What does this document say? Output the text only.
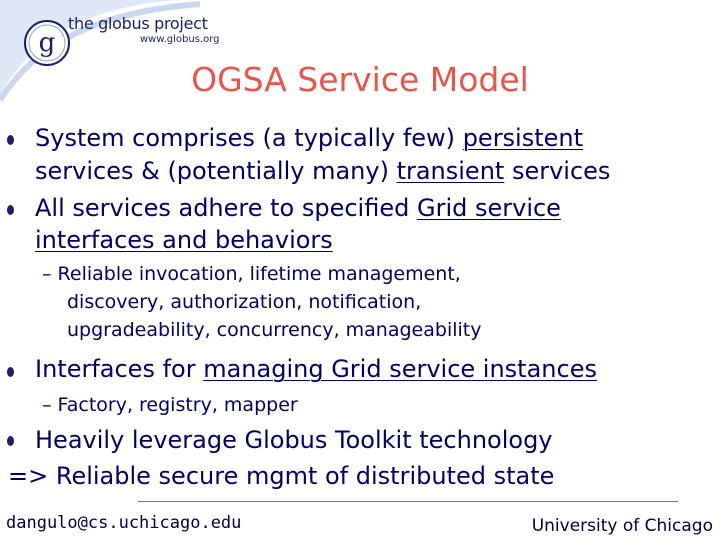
g
the globus project
www.globus.org
OGSA Service Model
System comprises (a typically few) persistent
services & (potentially many) transient services
All services adhere to specified Grid service
interfaces and behaviors
– Reliable invocation, lifetime management,
discovery, authorization, notification,
upgradeability, concurrency, manageability
Interfaces for managing Grid service instances
– Factory, registry, mapper
Heavily leverage Globus Toolkit technology
=> Reliable secure mgmt of distributed state
dangulo@cs.uchicago.edu	University of Chicago
